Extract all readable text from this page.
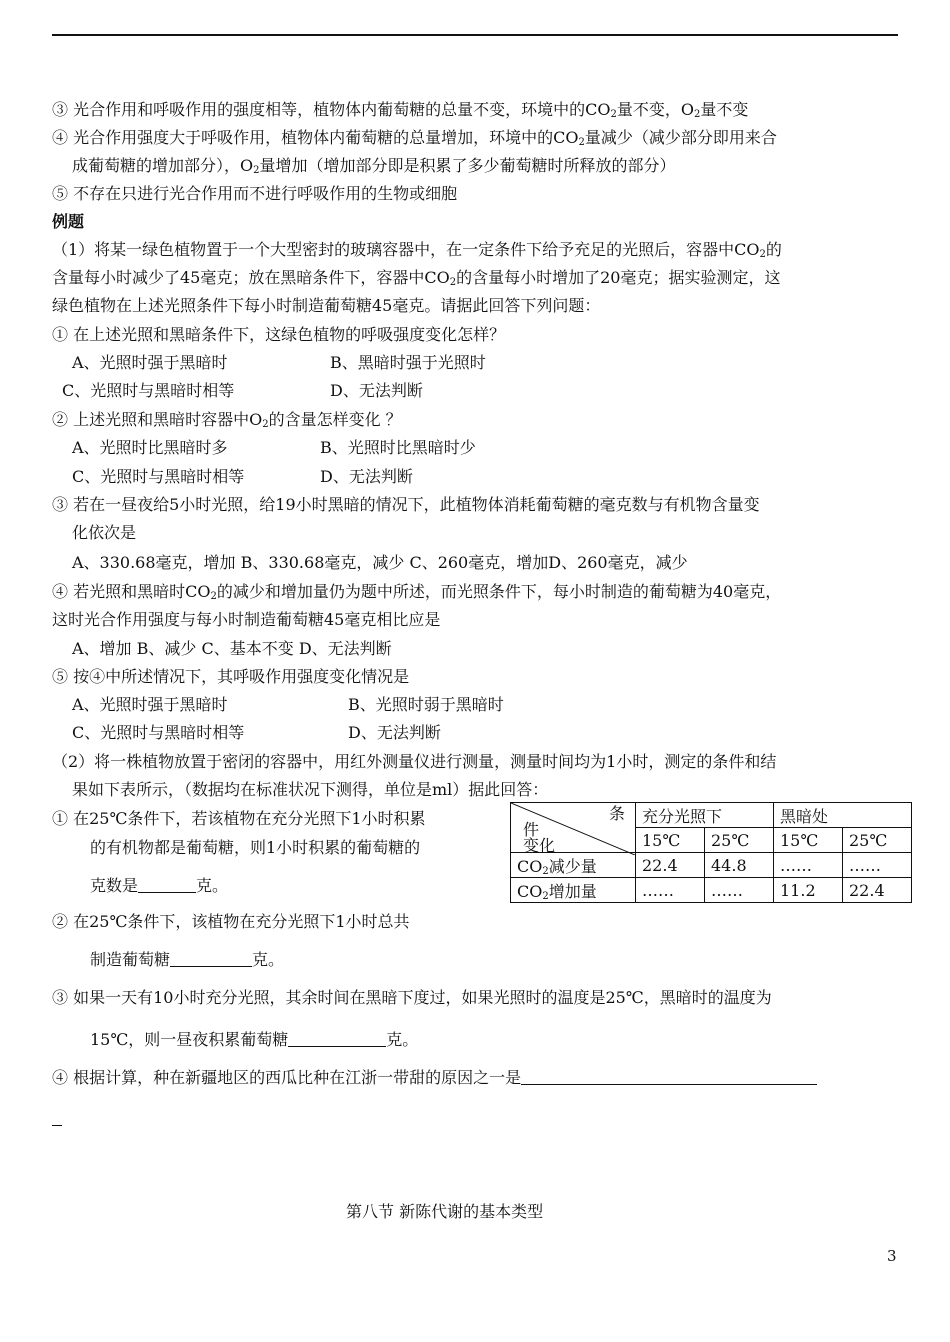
③ 光合作用和呼吸作用的强度相等，植物体内葡萄糖的总量不变，环境中的$CO_2$量不变，$O_2$量不变
④ 光合作用强度大于呼吸作用，植物体内葡萄糖的总量增加，环境中的$CO_2$量减少（减少部分即用来合
成葡萄糖的增加部分），$O_2$量增加（增加部分即是积累了多少葡萄糖时所释放的部分）
⑤ 不存在只进行光合作用而不进行呼吸作用的生物或细胞
例题
（1）将某一绿色植物置于一个大型密封的玻璃容器中，在一定条件下给予充足的光照后，容器中$CO_2$的
含量每小时减少了45毫克；放在黑暗条件下，容器中$CO_2$的含量每小时增加了20毫克；据实验测定，这
绿色植物在上述光照条件下每小时制造葡萄糖45毫克。请据此回答下列问题：
① 在上述光照和黑暗条件下，这绿色植物的呼吸强度变化怎样？
A、光照时强于黑暗时	B、黑暗时强于光照时
C、光照时与黑暗时相等	D、无法判断
② 上述光照和黑暗时容器中$O_2$的含量怎样变化 ？
A、光照时比黑暗时多	B、光照时比黑暗时少
C、光照时与黑暗时相等	D、无法判断
③ 若在一昼夜给5小时光照，给19小时黑暗的情况下，此植物体消耗葡萄糖的毫克数与有机物含量变
化依次是
A、330.68毫克，增加 B、330.68毫克，减少 C、260毫克，增加D、260毫克，减少
④ 若光照和黑暗时$CO_2$的减少和增加量仍为题中所述，而光照条件下，每小时制造的葡萄糖为40毫克，
这时光合作用强度与每小时制造葡萄糖45毫克相比应是
A、增加 B、减少 C、基本不变 D、无法判断
⑤ 按④中所述情况下，其呼吸作用强度变化情况是
A、光照时强于黑暗时	B、光照时弱于黑暗时
C、光照时与黑暗时相等	D、无法判断
（2）将一株植物放置于密闭的容器中，用红外测量仪进行测量，测量时间均为1小时，测定的条件和结
果如下表所示，（数据均在标准状况下测得，单位是ml）据此回答：
① 在25℃条件下，若该植物在充分光照下1小时积累
的有机物都是葡萄糖，则1小时积累的葡萄糖的
克数是	克。
② 在25℃条件下，该植物在充分光照下1小时总共
制造葡萄糖	克。
③ 如果一天有10小时充分光照，其余时间在黑暗下度过，如果光照时的温度是25℃，黑暗时的温度为
15℃，则一昼夜积累葡萄糖	克。
④ 根据计算，种在新疆地区的西瓜比种在江浙一带甜的原因之一是
条
件
变化	充分光照下		黑暗处	
	15℃	25℃	15℃	25℃
$CO_2$减少量	22.4	44.8	……	……
$CO_2$增加量	……	……	11.2	22.4
第八节 新陈代谢的基本类型
3
